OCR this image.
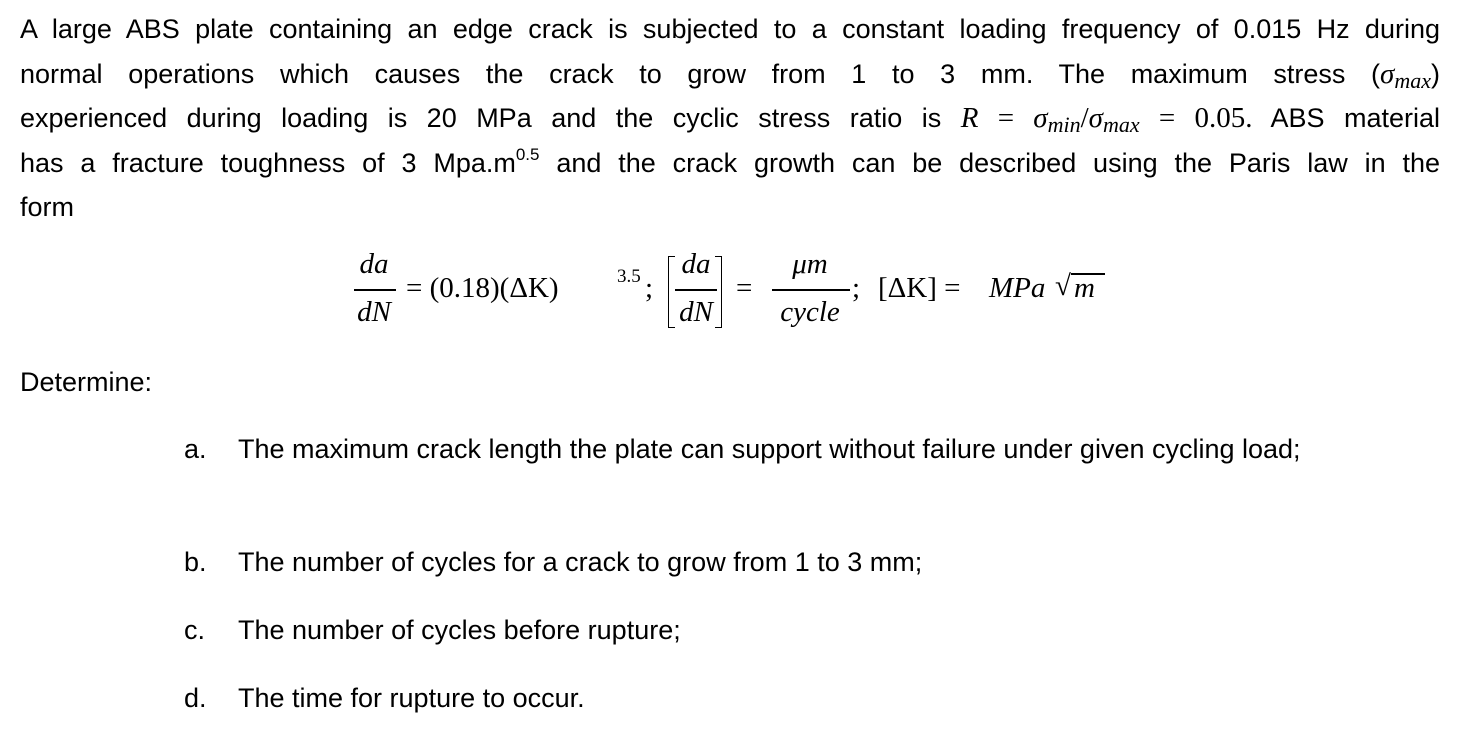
A large ABS plate containing an edge crack is subjected to a constant loading frequency of 0.015 Hz during
normal operations which causes the crack to grow from 1 to 3 mm. The maximum stress $(\sigma_{max})$
experienced during loading is 20 MPa and the cyclic stress ratio is $R = \sigma_{min}/\sigma_{max} = 0.05$. ABS material
has a fracture toughness of 3 $Mpa.m^{0.5}$ and the crack growth can be described using the Paris law in the
form
da
dN
= (0.18)(ΔK)	3.5 ;
da
dN
=
μm
cycle
; [ΔK] = MPa √ m
Determine:
a. The maximum crack length the plate can support without failure under given cycling load;
b. The number of cycles for a crack to grow from 1 to 3 mm;
c. The number of cycles before rupture;
d. The time for rupture to occur.
